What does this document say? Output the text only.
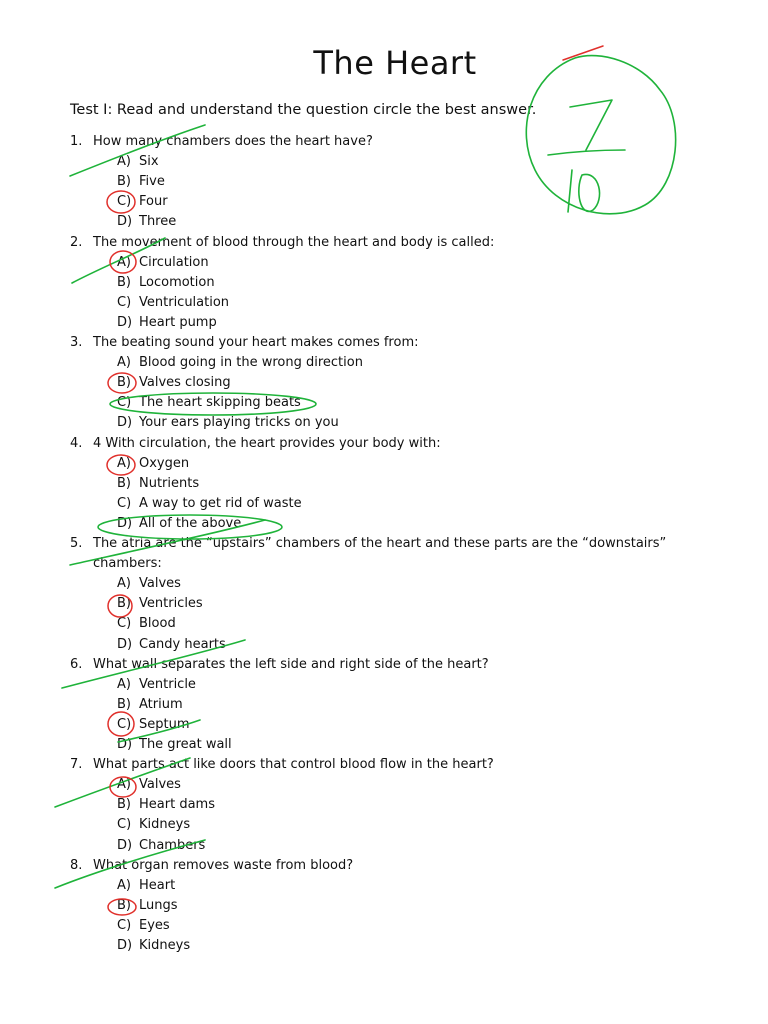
The Heart
Test I: Read and understand the question circle the best answer.
1. How many chambers does the heart have?
A) Six
B) Five
C) Four
D) Three
2. The movement of blood through the heart and body is called:
A) Circulation
B) Locomotion
C) Ventriculation
D) Heart pump
3. The beating sound your heart makes comes from:
A) Blood going in the wrong direction
B) Valves closing
C) The heart skipping beats
D) Your ears playing tricks on you
4. 4 With circulation, the heart provides your body with:
A) Oxygen
B) Nutrients
C) A way to get rid of waste
D) All of the above
5. The atria are the “upstairs” chambers of the heart and these parts are the “downstairs”
chambers:
A) Valves
B) Ventricles
C) Blood
D) Candy hearts
6. What wall separates the left side and right side of the heart?
A) Ventricle
B) Atrium
C) Septum
D) The great wall
7. What parts act like doors that control blood flow in the heart?
A) Valves
B) Heart dams
C) Kidneys
D) Chambers
8. What organ removes waste from blood?
A) Heart
B) Lungs
C) Eyes
D) Kidneys
